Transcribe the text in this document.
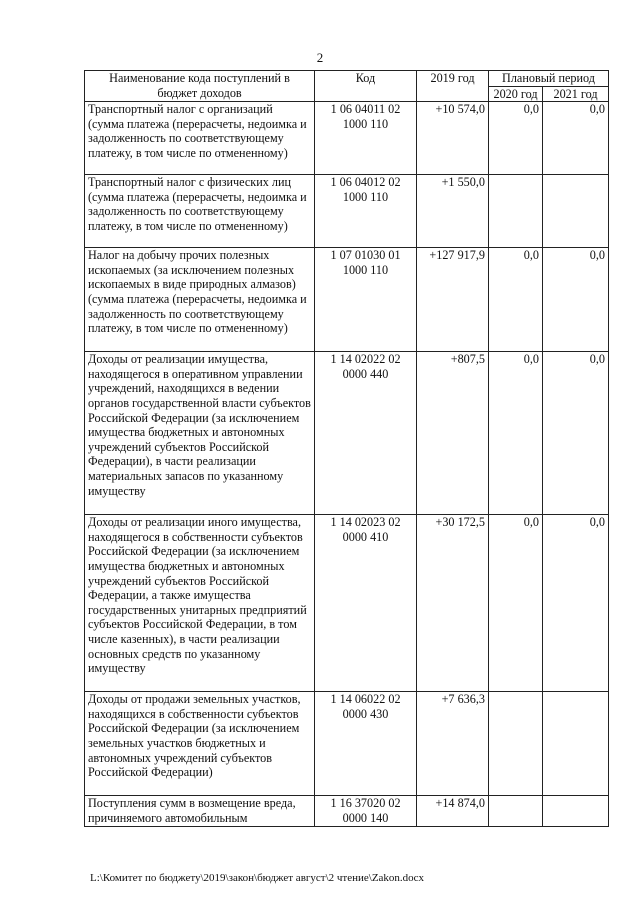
2
Наименование кода поступлений в бюджет доходов	Код	2019 год	Плановый период	
			2020 год	2021 год
Транспортный налог с организаций (сумма платежа (перерасчеты, недоимка и задолженность по соответствующему платежу, в том числе по отмененному)	1 06 04011 02 1000 110	+10 574,0	0,0	0,0
Транспортный налог с физических лиц (сумма платежа (перерасчеты, недоимка и задолженность по соответствующему платежу, в том числе по отмененному)	1 06 04012 02 1000 110	+1 550,0		
Налог на добычу прочих полезных ископаемых (за исключением полезных ископаемых в виде природных алмазов) (сумма платежа (перерасчеты, недоимка и задолженность по соответствующему платежу, в том числе по отмененному)	1 07 01030 01 1000 110	+127 917,9	0,0	0,0
Доходы от реализации имущества, находящегося в оперативном управлении учреждений, находящихся в ведении органов государственной власти субъектов Российской Федерации (за исключением имущества бюджетных и автономных учреждений субъектов Российской Федерации), в части реализации материальных запасов по указанному имуществу	1 14 02022 02 0000 440	+807,5	0,0	0,0
Доходы от реализации иного имущества, находящегося в собственности субъектов Российской Федерации (за исключением имущества бюджетных и автономных учреждений субъектов Российской Федерации, а также имущества государственных унитарных предприятий субъектов Российской Федерации, в том числе казенных), в части реализации основных средств по указанному имуществу	1 14 02023 02 0000 410	+30 172,5	0,0	0,0
Доходы от продажи земельных участков, находящихся в собственности субъектов Российской Федерации (за исключением земельных участков бюджетных и автономных учреждений субъектов Российской Федерации)	1 14 06022 02 0000 430	+7 636,3		
Поступления сумм в возмещение вреда, причиняемого автомобильным	1 16 37020 02 0000 140	+14 874,0		
L:\Комитет по бюджету\2019\закон\бюджет август\2 чтение\Zakon.docx
